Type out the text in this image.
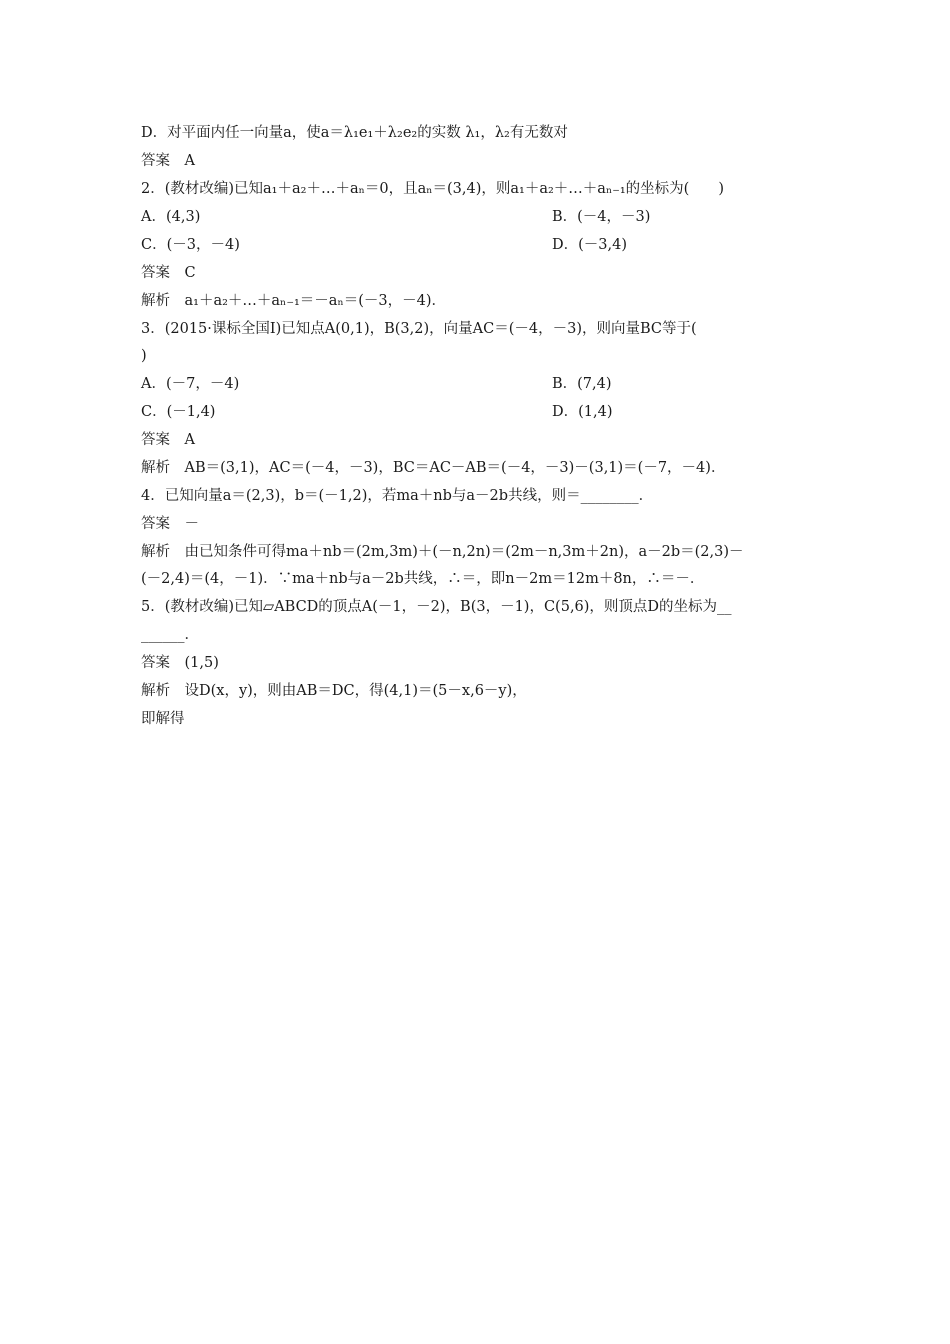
D．对平面内任一向量a，使a＝λ₁e₁＋λ₂e₂的实数 λ₁，λ₂有无数对

答案　A

2．(教材改编)已知a₁＋a₂＋…＋aₙ＝0，且aₙ＝(3,4)，则a₁＋a₂＋…＋aₙ₋₁的坐标为(　　)

A．(4,3)	B．(－4，－3)

C．(－3，－4)	D．(－3,4)

答案　C

解析　a₁＋a₂＋…＋aₙ₋₁＝－aₙ＝(－3，－4)．

3．(2015·课标全国Ⅰ)已知点A(0,1)，B(3,2)，向量AC＝(－4，－3)，则向量BC等于(

)

A．(－7，－4)	B．(7,4)

C．(－1,4)	D．(1,4)

答案　A

解析　AB＝(3,1)，AC＝(－4，－3)，BC＝AC－AB＝(－4，－3)－(3,1)＝(－7，－4)．

4．已知向量a＝(2,3)，b＝(－1,2)，若ma＋nb与a－2b共线，则＝________．

答案　－

解析　由已知条件可得ma＋nb＝(2m,3m)＋(－n,2n)＝(2m－n,3m＋2n)，a－2b＝(2,3)－

(－2,4)＝(4，－1)．∵ma＋nb与a－2b共线，∴＝，即n－2m＝12m＋8n，∴＝－．

5．(教材改编)已知▱ABCD的顶点A(－1，－2)，B(3，－1)，C(5,6)，则顶点D的坐标为__

______．

答案　(1,5)

解析　设D(x，y)，则由AB＝DC，得(4,1)＝(5－x,6－y)，

即解得
